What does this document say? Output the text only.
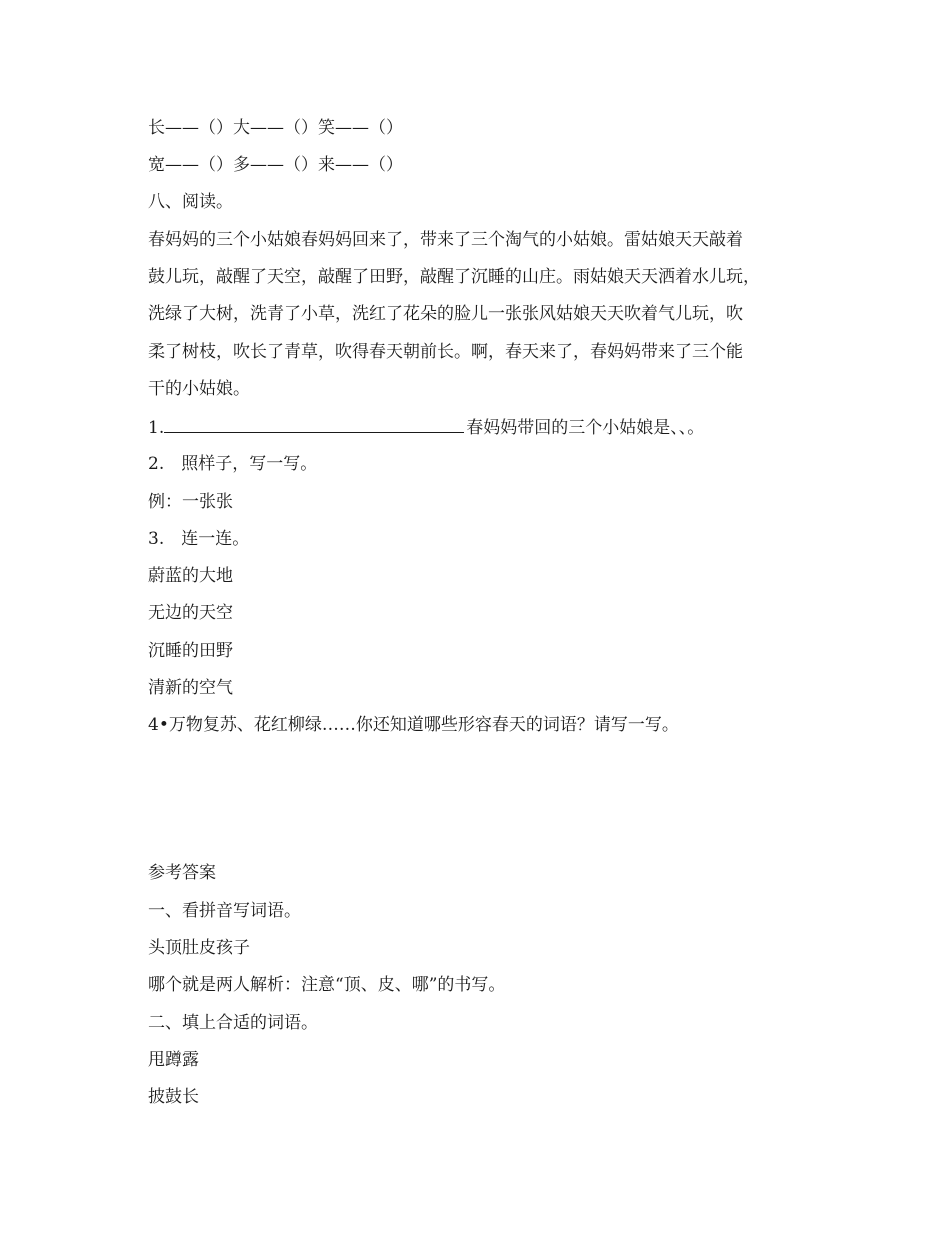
长——（）大——（）笑——（）
宽——（）多——（）来——（）
八、阅读。
春妈妈的三个小姑娘春妈妈回来了，带来了三个淘气的小姑娘。雷姑娘天天敲着
鼓儿玩，敲醒了天空，敲醒了田野，敲醒了沉睡的山庄。雨姑娘天天洒着水儿玩，
洗绿了大树，洗青了小草，洗红了花朵的脸儿一张张风姑娘天天吹着气儿玩，吹
柔了树枝，吹长了青草，吹得春天朝前长。啊，春天来了，春妈妈带来了三个能
干的小姑娘。
1.	春妈妈带回的三个小姑娘是、、。
2.　照样子，写一写。
例：一张张
3.　连一连。
蔚蓝的大地
无边的天空
沉睡的田野
清新的空气
4•万物复苏、花红柳绿……你还知道哪些形容春天的词语？请写一写。
参考答案
一、看拼音写词语。
头顶肚皮孩子
哪个就是两人解析：注意“顶、皮、哪”的书写。
二、填上合适的词语。
甩蹲露
披鼓长
